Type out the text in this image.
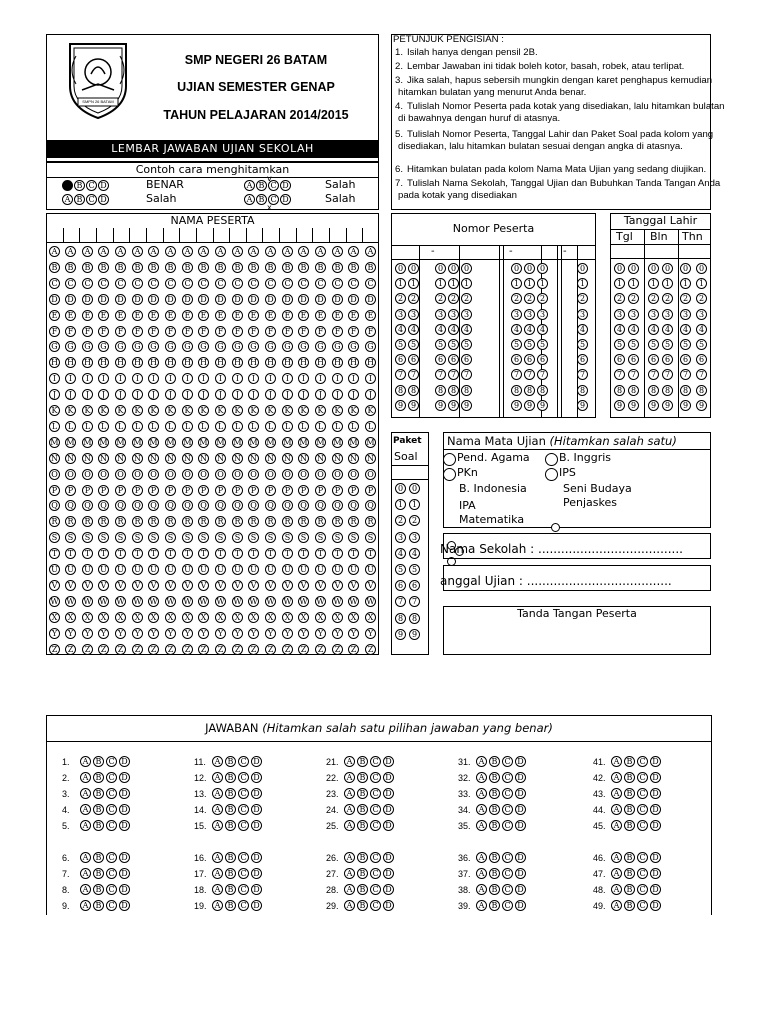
SMPN 26 BATAM
SMP NEGERI 26 BATAM
UJIAN SEMESTER GENAP
TAHUN PELAJARAN 2014/2015
LEMBAR JAWABAN UJIAN SEKOLAH
PETUNJUK PENGISIAN :
1. Isilah hanya dengan pensil 2B.
2. Lembar Jawaban ini tidak boleh kotor, basah, robek, atau terlipat.
3. Jika salah, hapus sebersih mungkin dengan karet penghapus kemudian
hitamkan bulatan yang menurut Anda benar.
4. Tulislah Nomor Peserta pada kotak yang disediakan, lalu hitamkan bulatan
di bawahnya dengan huruf di atasnya.
5. Tulislah Nomor Peserta, Tanggal Lahir dan Paket Soal pada kolom yang
disediakan, lalu hitamkan bulatan sesuai dengan angka di atasnya.
6. Hitamkan bulatan pada kolom Nama Mata Ujian yang sedang diujikan.
7. Tulislah Nama Sekolah, Tanggal Ujian dan Bubuhkan Tanda Tangan Anda
pada kotak yang disediakan
Contoh cara menghitamkan
B C D	BENAR
A B C D	Salah
A B C D	Salah
A B C D	Salah
v
x
NAMA PESERTA
A	A	A	A	A	A	A	A	A	A	A	A	A	A	A	A	A	A	A	A
B	B	B	B	B	B	B	B	B	B	B	B	B	B	B	B	B	B	B	B
C	C	C	C	C	C	C	C	C	C	C	C	C	C	C	C	C	C	C	C
D D D D D D D D D D D D D D D D D D D D
E	E	E	E	E	E	E	E	E	E	E	E	E	E	E	E	E	E	E	E
F	F	F	F	F	F	F	F	F	F	F	F	F	F	F	F	F	F	F	F
G G G G G G G G G G G G G G G G G G G G
H H H H H H H H H H H H H H H H H H H H
I	I	I	I	I	I	I	I	I	I	I	I	I	I	I	I	I	I	I	I
J	J	J	J	J	J	J	J	J	J	J	J	J	J	J	J	J	J	J	J
K	K	K	K	K	K	K	K	K	K	K	K	K	K	K	K	K	K	K	K
L	L	L	L	L	L	L	L	L	L	L	L	L	L	L	L	L	L	L	L
M M M M M M M M M M M M M M M M M M M M
N N N N N N N N N N N N N N N N N N N N
O O O O O O O O O O O O O O O O O O O O
P	P	P	P	P	P	P	P	P	P	P	P	P	P	P	P	P	P	P	P
Q Q Q Q Q Q Q Q Q Q Q Q Q Q Q Q Q Q Q Q
R	R	R	R	R	R	R	R	R	R	R	R	R	R	R	R	R	R	R	R
S	S	S	S	S	S	S	S	S	S	S	S	S	S	S	S	S	S	S	S
T	T	T	T	T	T	T	T	T	T	T	T	T	T	T	T	T	T	T	T
U U U U U U U U U U U U U U U U U U U U
V	V	V	V	V	V	V	V	V	V	V	V	V	V	V	V	V	V	V	V
W W W W W W W W W W W W W W W W W W W W
X	X	X	X	X	X	X	X	X	X	X	X	X	X	X	X	X	X	X	X
Y	Y	Y	Y	Y	Y	Y	Y	Y	Y	Y	Y	Y	Y	Y	Y	Y	Y	Y	Y
Z	Z	Z	Z	Z	Z	Z	Z	Z	Z	Z	Z	Z	Z	Z	Z	Z	Z	Z	Z
Nomor Peserta
-	-	-
0 0	0 0 0	0 0 0	0
1 1	1 1 1	1 1 1	1
2 2	2 2 2	2 2 2	2
3 3	3 3 3	3 3 3	3
4 4	4 4 4	4 4 4	4
5 5	5 5 5	5 5 5	5
6 6	6 6 6	6 6 6	6
7 7	7 7 7	7 7 7	7
8 8	8 8 8	8 8 8	8
9 9	9 9 9	9 9 9	9
Tanggal Lahir
Tgl Bln Thn
0	0	0	0	0	0
1	1	1	1	1	1
2	2	2	2	2	2
3	3	3	3	3	3
4	4	4	4	4	4
5	5	5	5	5	5
6	6	6	6	6	6
7	7	7	7	7	7
8	8	8	8	8	8
9	9	9	9	9	9
Paket
Soal
0	0
1	1
2	2
3	3
4	4
5	5
6	6
7	7
8	8
9	9
Nama Mata Ujian (Hitamkan salah satu)
Pend. Agama	B. Inggris
PKn	IPS
B. Indonesia	Seni Budaya
IPA	Penjaskes
Matematika
Nama Sekolah : ......................................
anggal Ujian : ......................................
Tanda Tangan Peserta
JAWABAN (Hitamkan salah satu pilihan jawaban yang benar)
1.	A B C D
2.	A B C D
3.	A B C D
4.	A B C D
5.	A B C D
6.	A B C D
7.	A B C D
8.	A B C D
9.	A B C D
11.	A B C D
12.	A B C D
13.	A B C D
14.	A B C D
15.	A B C D
16.	A B C D
17.	A B C D
18.	A B C D
19.	A B C D
21.	A B C D
22.	A B C D
23.	A B C D
24.	A B C D
25.	A B C D
26.	A B C D
27.	A B C D
28.	A B C D
29.	A B C D
31.	A B C D
32.	A B C D
33.	A B C D
34.	A B C D
35.	A B C D
36.	A B C D
37.	A B C D
38.	A B C D
39.	A B C D
41.	A B C D
42.	A B C D
43.	A B C D
44.	A B C D
45.	A B C D
46.	A B C D
47.	A B C D
48.	A B C D
49.	A B C D
